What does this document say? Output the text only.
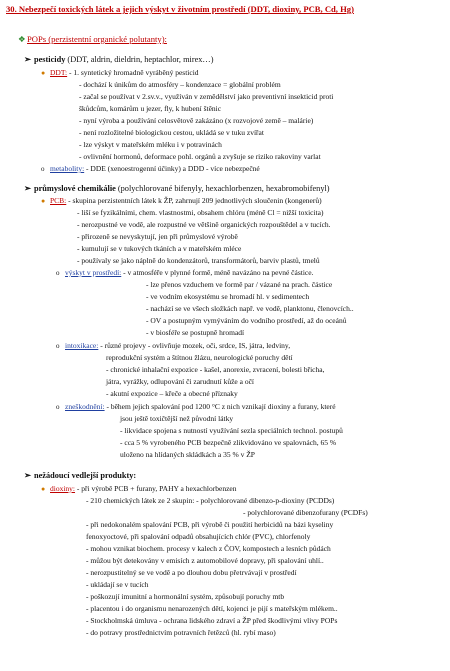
30. Nebezpečí toxických látek a jejich výskyt v životním prostředí (DDT, dioxiny, PCB, Cd, Hg)
❖POPs (perzistentní organické polutanty):
➢ pesticidy (DDT, aldrin, dieldrin, heptachlor, mirex…)
● DDT: - 1. syntetický hromadně vyráběný pesticid
- dochází k únikům do atmosféry – kondenzace = globální problém
- začal se používat v 2.sv.v., využíván v zemědělství jako preventivní insekticid proti
škůdcům, komárům u jezer, fly, k hubení štěnic
- nyní výroba a používání celosvětově zakázáno (x rozvojové země – malárie)
- není rozložitelné biologickou cestou, ukládá se v tuku zvířat
- lze výskyt v mateřském mléku i v potravinách
- ovlivnění hormonů, deformace pohl. orgánů a zvyšuje se riziko rakoviny varlat
o metabolity: - DDE (xenoestrogenní účinky) a DDD - více nebezpečné
➢ průmyslové chemikálie (polychlorované bifenyly, hexachlorbenzen, hexabromobifenyl)
● PCB: - skupina perzistentních látek k ŽP, zahrnují 209 jednotlivých sloučenin (kongenerů)
- liší se fyzikálními, chem. vlastnostmi, obsahem chlóru (méně Cl = nižší toxicita)
- nerozpustné ve vodě, ale rozpustné ve většině organických rozpouštědel a v tucích.
- přirozeně se nevyskytují, jen při průmyslové výrobě
- kumulují se v tukových tkáních a v mateřském mléce
- používaly se jako náplně do kondenzátorů, transformátorů, barviv plastů, tmelů
o výskyt v prostředí: - v atmosféře v plynné formě, méně navázáno na pevné částice.
- lze přenos vzduchem ve formě par / vázané na prach. částice
- ve vodním ekosystému se hromadí hl. v sedimentech
- nachází se ve všech složkách např. ve vodě, planktonu, členovcích..
- OV a postupným vymýváním do vodního prostředí, až do oceánů
- v biosféře se postupně hromadí
o intoxikace: - různé projevy - ovlivňuje mozek, oči, srdce, IS, játra, ledviny,
reprodukční systém a štítnou žlázu, neurologické poruchy dětí
- chronické inhalační expozice - kašel, anorexie, zvracení, bolesti břicha,
játra, vyrážky, odlupování či zarudnutí kůže a očí
- akutní expozice – křeče a obecné příznaky
o zneškodnění: - během jejich spalování pod 1200 °C z nich vznikají dioxiny a furany, které
jsou ještě toxičtější než původní látky
- likvidace spojena s nutností využívání sezla speciálních technol. postupů
- cca 5 % vyrobeného PCB bezpečně zlikvidováno ve spalovnách, 65 %
uloženo na hlídaných skládkách a 35 % v ŽP
➢ nežádoucí vedlejší produkty:
● dioxiny: - při výrobě PCB + furany, PAHY a hexachlorbenzen
- 210 chemických látek ze 2 skupin: - polychlorované dibenzo-p-dioxiny (PCDDs)
- polychlorované dibenzofurany (PCDFs)
- při nedokonalém spalování PCB, při výrobě či použití herbicidů na bázi kyseliny
fenoxyoctové, při spalování odpadů obsahujících chlór (PVC), chlorfenoly
- mohou vznikat biochem. procesy v kalech z ČOV, kompostech a lesních půdách
- můžou být detekovány v emisích z automobilové dopravy, při spalování uhlí..
- nerozpustitelný se ve vodě a po dlouhou dobu přetrvávají v prostředí
- ukládají se v tucích
- poškozují imunitní a hormonální systém, způsobují poruchy mtb
- placentou i do organismu nenarozených dětí, kojenci je pijí s mateřským mlékem..
- Stockholmská úmluva - ochrana lidského zdraví a ŽP před škodlivými vlivy POPs
- do potravy prostřednictvím potravních řetězců (hl. rybí maso)
